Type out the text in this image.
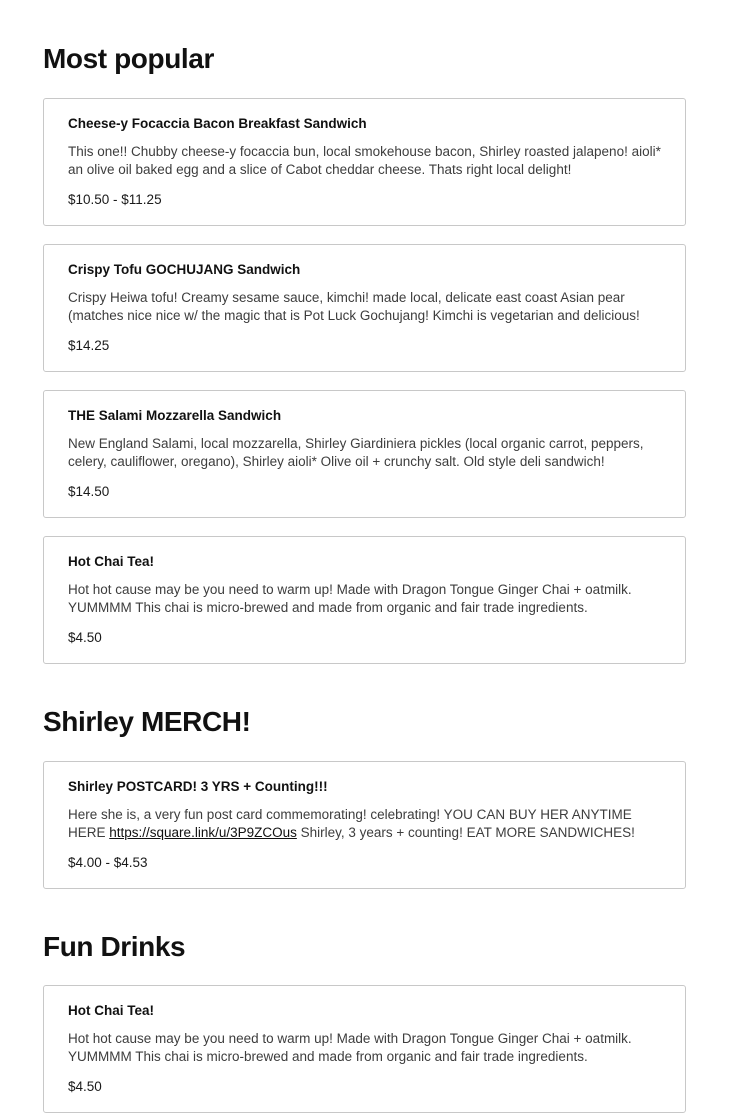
Most popular
Cheese-y Focaccia Bacon Breakfast Sandwich

This one!! Chubby cheese-y focaccia bun, local smokehouse bacon, Shirley roasted jalapeno! aioli* an olive oil baked egg and a slice of Cabot cheddar cheese. Thats right local delight!

$10.50 - $11.25
Crispy Tofu GOCHUJANG Sandwich

Crispy Heiwa tofu! Creamy sesame sauce, kimchi! made local, delicate east coast Asian pear (matches nice nice w/ the magic that is Pot Luck Gochujang! Kimchi is vegetarian and delicious!

$14.25
THE Salami Mozzarella Sandwich

New England Salami, local mozzarella, Shirley Giardiniera pickles (local organic carrot, peppers, celery, cauliflower, oregano), Shirley aioli* Olive oil + crunchy salt. Old style deli sandwich!

$14.50
Hot Chai Tea!

Hot hot cause may be you need to warm up! Made with Dragon Tongue Ginger Chai + oatmilk. YUMMMM This chai is micro-brewed and made from organic and fair trade ingredients.

$4.50
Shirley MERCH!
Shirley POSTCARD! 3 YRS + Counting!!!

Here she is, a very fun post card commemorating! celebrating! YOU CAN BUY HER ANYTIME HERE https://square.link/u/3P9ZCOus Shirley, 3 years + counting! EAT MORE SANDWICHES!

$4.00 - $4.53
Fun Drinks
Hot Chai Tea!

Hot hot cause may be you need to warm up! Made with Dragon Tongue Ginger Chai + oatmilk. YUMMMM This chai is micro-brewed and made from organic and fair trade ingredients.

$4.50
